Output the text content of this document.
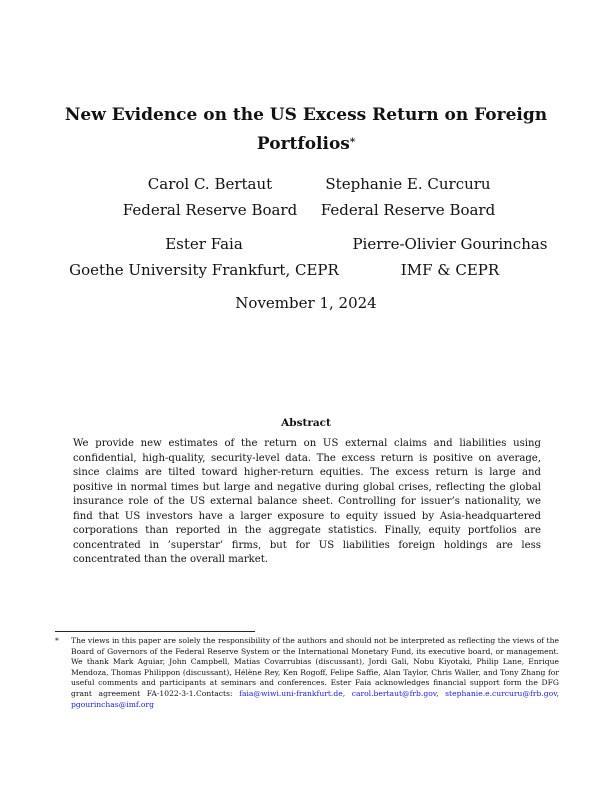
New Evidence on the US Excess Return on Foreign Portfolios*
Carol C. Bertaut
Federal Reserve Board
Stephanie E. Curcuru
Federal Reserve Board
Ester Faia
Goethe University Frankfurt, CEPR
Pierre-Olivier Gourinchas
IMF & CEPR
November 1, 2024
Abstract
We provide new estimates of the return on US external claims and liabilities using confidential, high-quality, security-level data. The excess return is positive on average, since claims are tilted toward higher-return equities. The excess return is large and positive in normal times but large and negative during global crises, reflecting the global insurance role of the US external balance sheet. Controlling for issuer’s nationality, we find that US investors have a larger exposure to equity issued by Asia-headquartered corporations than reported in the aggregate statistics. Finally, equity portfolios are concentrated in ’superstar’ firms, but for US liabilities foreign holdings are less concentrated than the overall market.
*	The views in this paper are solely the responsibility of the authors and should not be interpreted as reflecting the views of the Board of Governors of the Federal Reserve System or the International Monetary Fund, its executive board, or management. We thank Mark Aguiar, John Campbell, Matias Covarrubias (discussant), Jordi Gali, Nobu Kiyotaki, Philip Lane, Enrique Mendoza, Thomas Philippon (discussant), Hélène Rey, Ken Rogoff, Felipe Saffie, Alan Taylor, Chris Waller, and Tony Zhang for useful comments and participants at seminars and conferences. Ester Faia acknowledges financial support form the DFG grant agreement FA-1022-3-1.Contacts: faia@wiwi.uni-frankfurt.de, carol.bertaut@frb.gov, stephanie.e.curcuru@frb.gov, pgourinchas@imf.org
